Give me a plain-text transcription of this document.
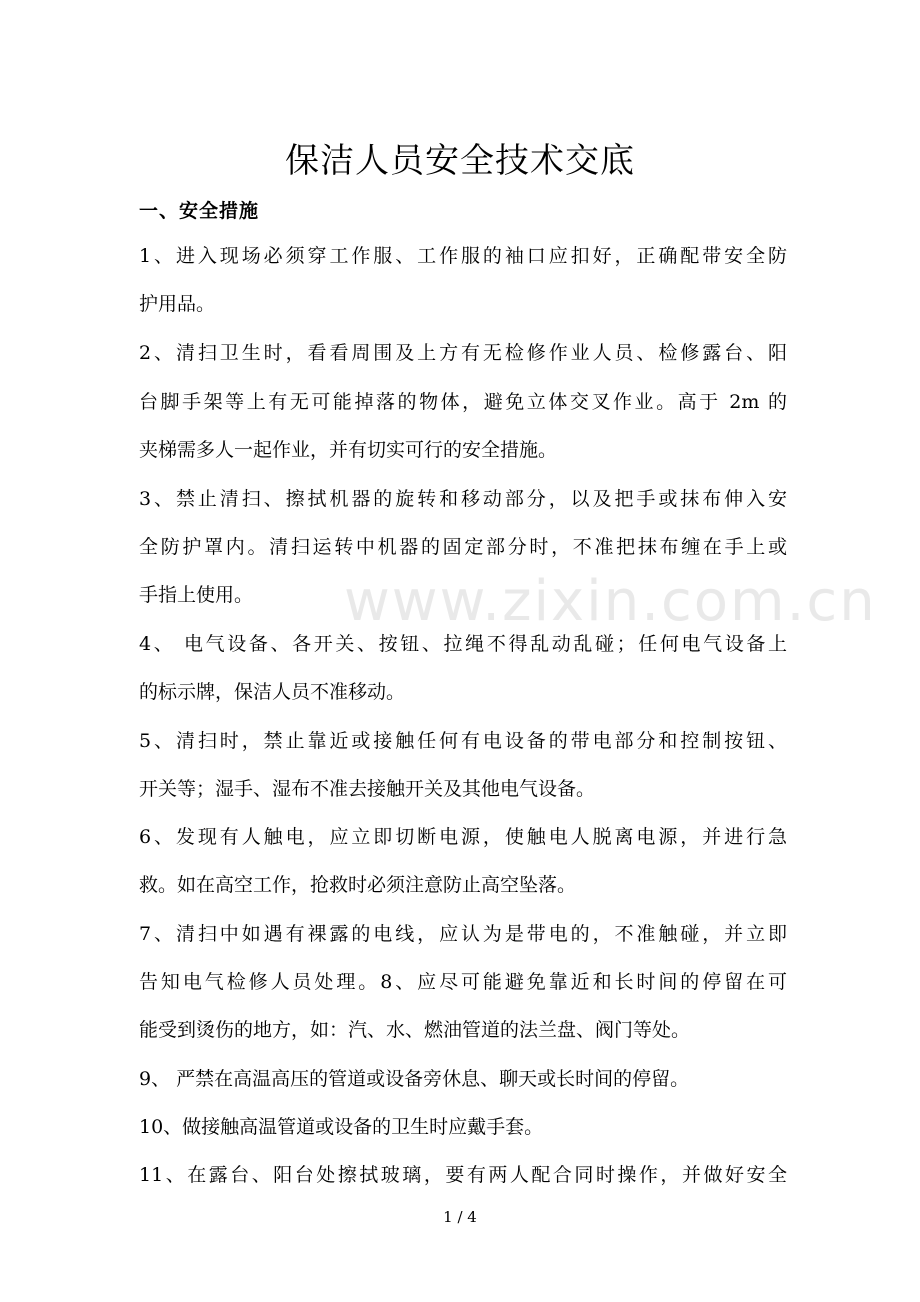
www.zixin.com.cn
保洁人员安全技术交底
一、安全措施
1、进入现场必须穿工作服、工作服的袖口应扣好，正确配带安全防
护用品。
2、清扫卫生时，看看周围及上方有无检修作业人员、检修露台、阳
台脚手架等上有无可能掉落的物体，避免立体交叉作业。高于 2m 的
夹梯需多人一起作业，并有切实可行的安全措施。
3、禁止清扫、擦拭机器的旋转和移动部分，以及把手或抹布伸入安
全防护罩内。清扫运转中机器的固定部分时，不准把抹布缠在手上或
手指上使用。
4、 电气设备、各开关、按钮、拉绳不得乱动乱碰；任何电气设备上
的标示牌，保洁人员不准移动。
5、清扫时，禁止靠近或接触任何有电设备的带电部分和控制按钮、
开关等；湿手、湿布不准去接触开关及其他电气设备。
6、发现有人触电，应立即切断电源，使触电人脱离电源，并进行急
救。如在高空工作，抢救时必须注意防止高空坠落。
7、清扫中如遇有裸露的电线，应认为是带电的，不准触碰，并立即
告知电气检修人员处理。8、应尽可能避免靠近和长时间的停留在可
能受到烫伤的地方，如：汽、水、燃油管道的法兰盘、阀门等处。
9、 严禁在高温高压的管道或设备旁休息、聊天或长时间的停留。
10、做接触高温管道或设备的卫生时应戴手套。
11、在露台、阳台处擦拭玻璃，要有两人配合同时操作，并做好安全
1 / 4
